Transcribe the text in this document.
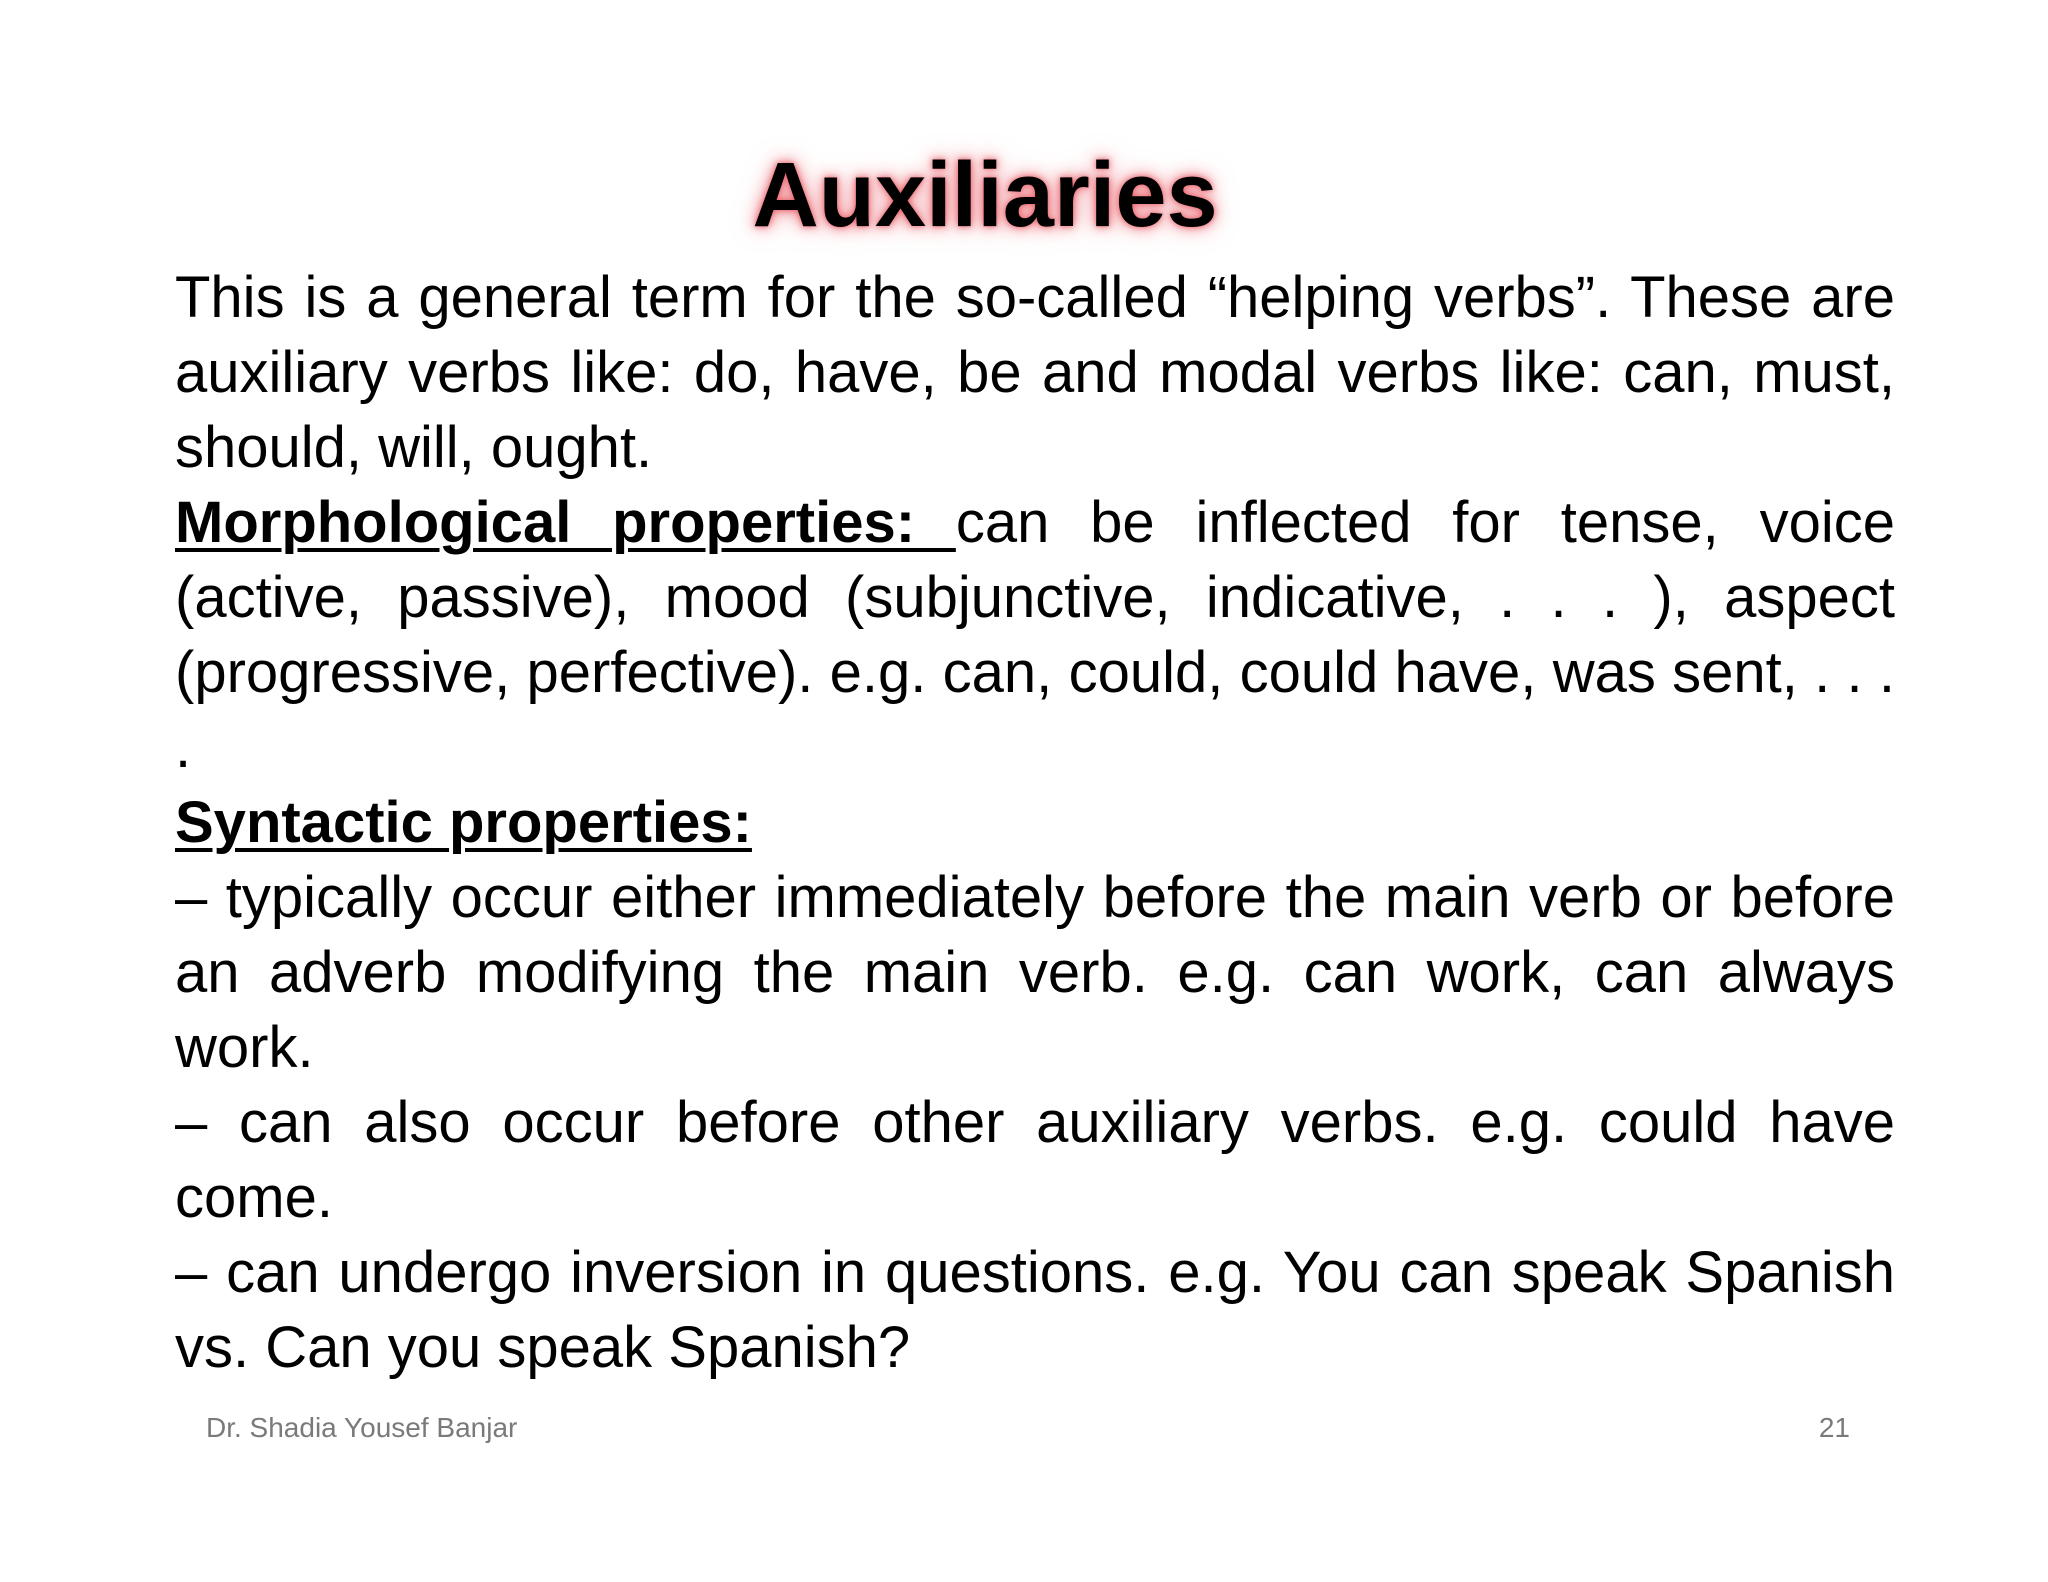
Auxiliaries

This is a general term for the so-called “helping verbs”. These are auxiliary verbs like: do, have, be and modal verbs like: can, must, should, will, ought.

Morphological properties: can be inflected for tense, voice (active, passive), mood (subjunctive, indicative, . . . ), aspect (progressive, perfective). e.g. can, could, could have, was sent, . . . .

Syntactic properties:

– typically occur either immediately before the main verb or before an adverb modifying the main verb. e.g. can work, can always work.

– can also occur before other auxiliary verbs. e.g. could have come.

– can undergo inversion in questions. e.g. You can speak Spanish vs. Can you speak Spanish?

Dr. Shadia Yousef Banjar	21
